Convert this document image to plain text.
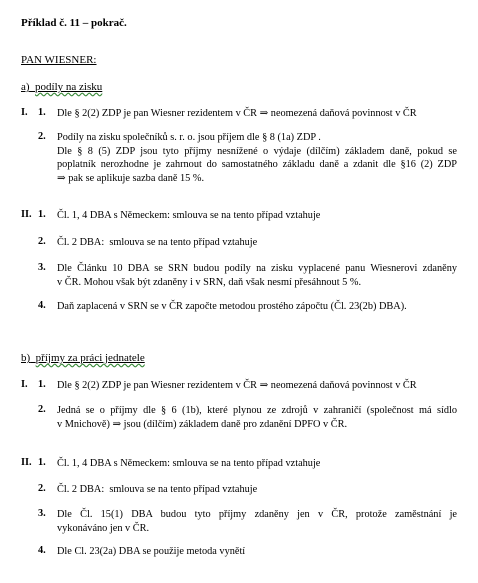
Příklad č. 11 – pokrač.
PAN WIESNER:
a) podíly na zisku
I. 1. Dle § 2(2) ZDP je pan Wiesner rezidentem v ČR ⇒ neomezená daňová povinnost v ČR
2. Podíly na zisku společníků s. r. o. jsou příjem dle § 8 (1a) ZDP .
Dle § 8 (5) ZDP jsou tyto příjmy nesnížené o výdaje (dílčím) základem daně, pokud se
poplatník nerozhodne je zahrnout do samostatného základu daně a zdanit dle §16 (2) ZDP
⇒ pak se aplikuje sazba daně 15 %.
II. 1. Čl. 1, 4 DBA s Německem: smlouva se na tento případ vztahuje
2. Čl. 2 DBA:  smlouva se na tento případ vztahuje
3. Dle Článku 10 DBA se SRN budou podíly na zisku vyplacené panu Wiesnerovi zdaněny
v ČR. Mohou však být zdaněny i v SRN, daň však nesmí přesáhnout 5 %.
4. Daň zaplacená v SRN se v ČR započte metodou prostého zápočtu (Čl. 23(2b) DBA).
b) příjmy za práci jednatele
I. 1. Dle § 2(2) ZDP je pan Wiesner rezidentem v ČR ⇒ neomezená daňová povinnost v ČR
2. Jedná se o příjmy dle § 6 (1b), které plynou ze zdrojů v zahraničí (společnost má sídlo
v Mnichově) ⇒ jsou (dílčím) základem daně pro zdanění DPFO v ČR.
II. 1. Čl. 1, 4 DBA s Německem: smlouva se na tento případ vztahuje
2. Čl. 2 DBA:  smlouva se na tento případ vztahuje
3. Dle Čl. 15(1) DBA budou tyto příjmy zdaněny jen v ČR, protože zaměstnání je
vykonáváno jen v ČR.
4. Dle Cl. 23(2a) DBA se použije metoda vynětí
